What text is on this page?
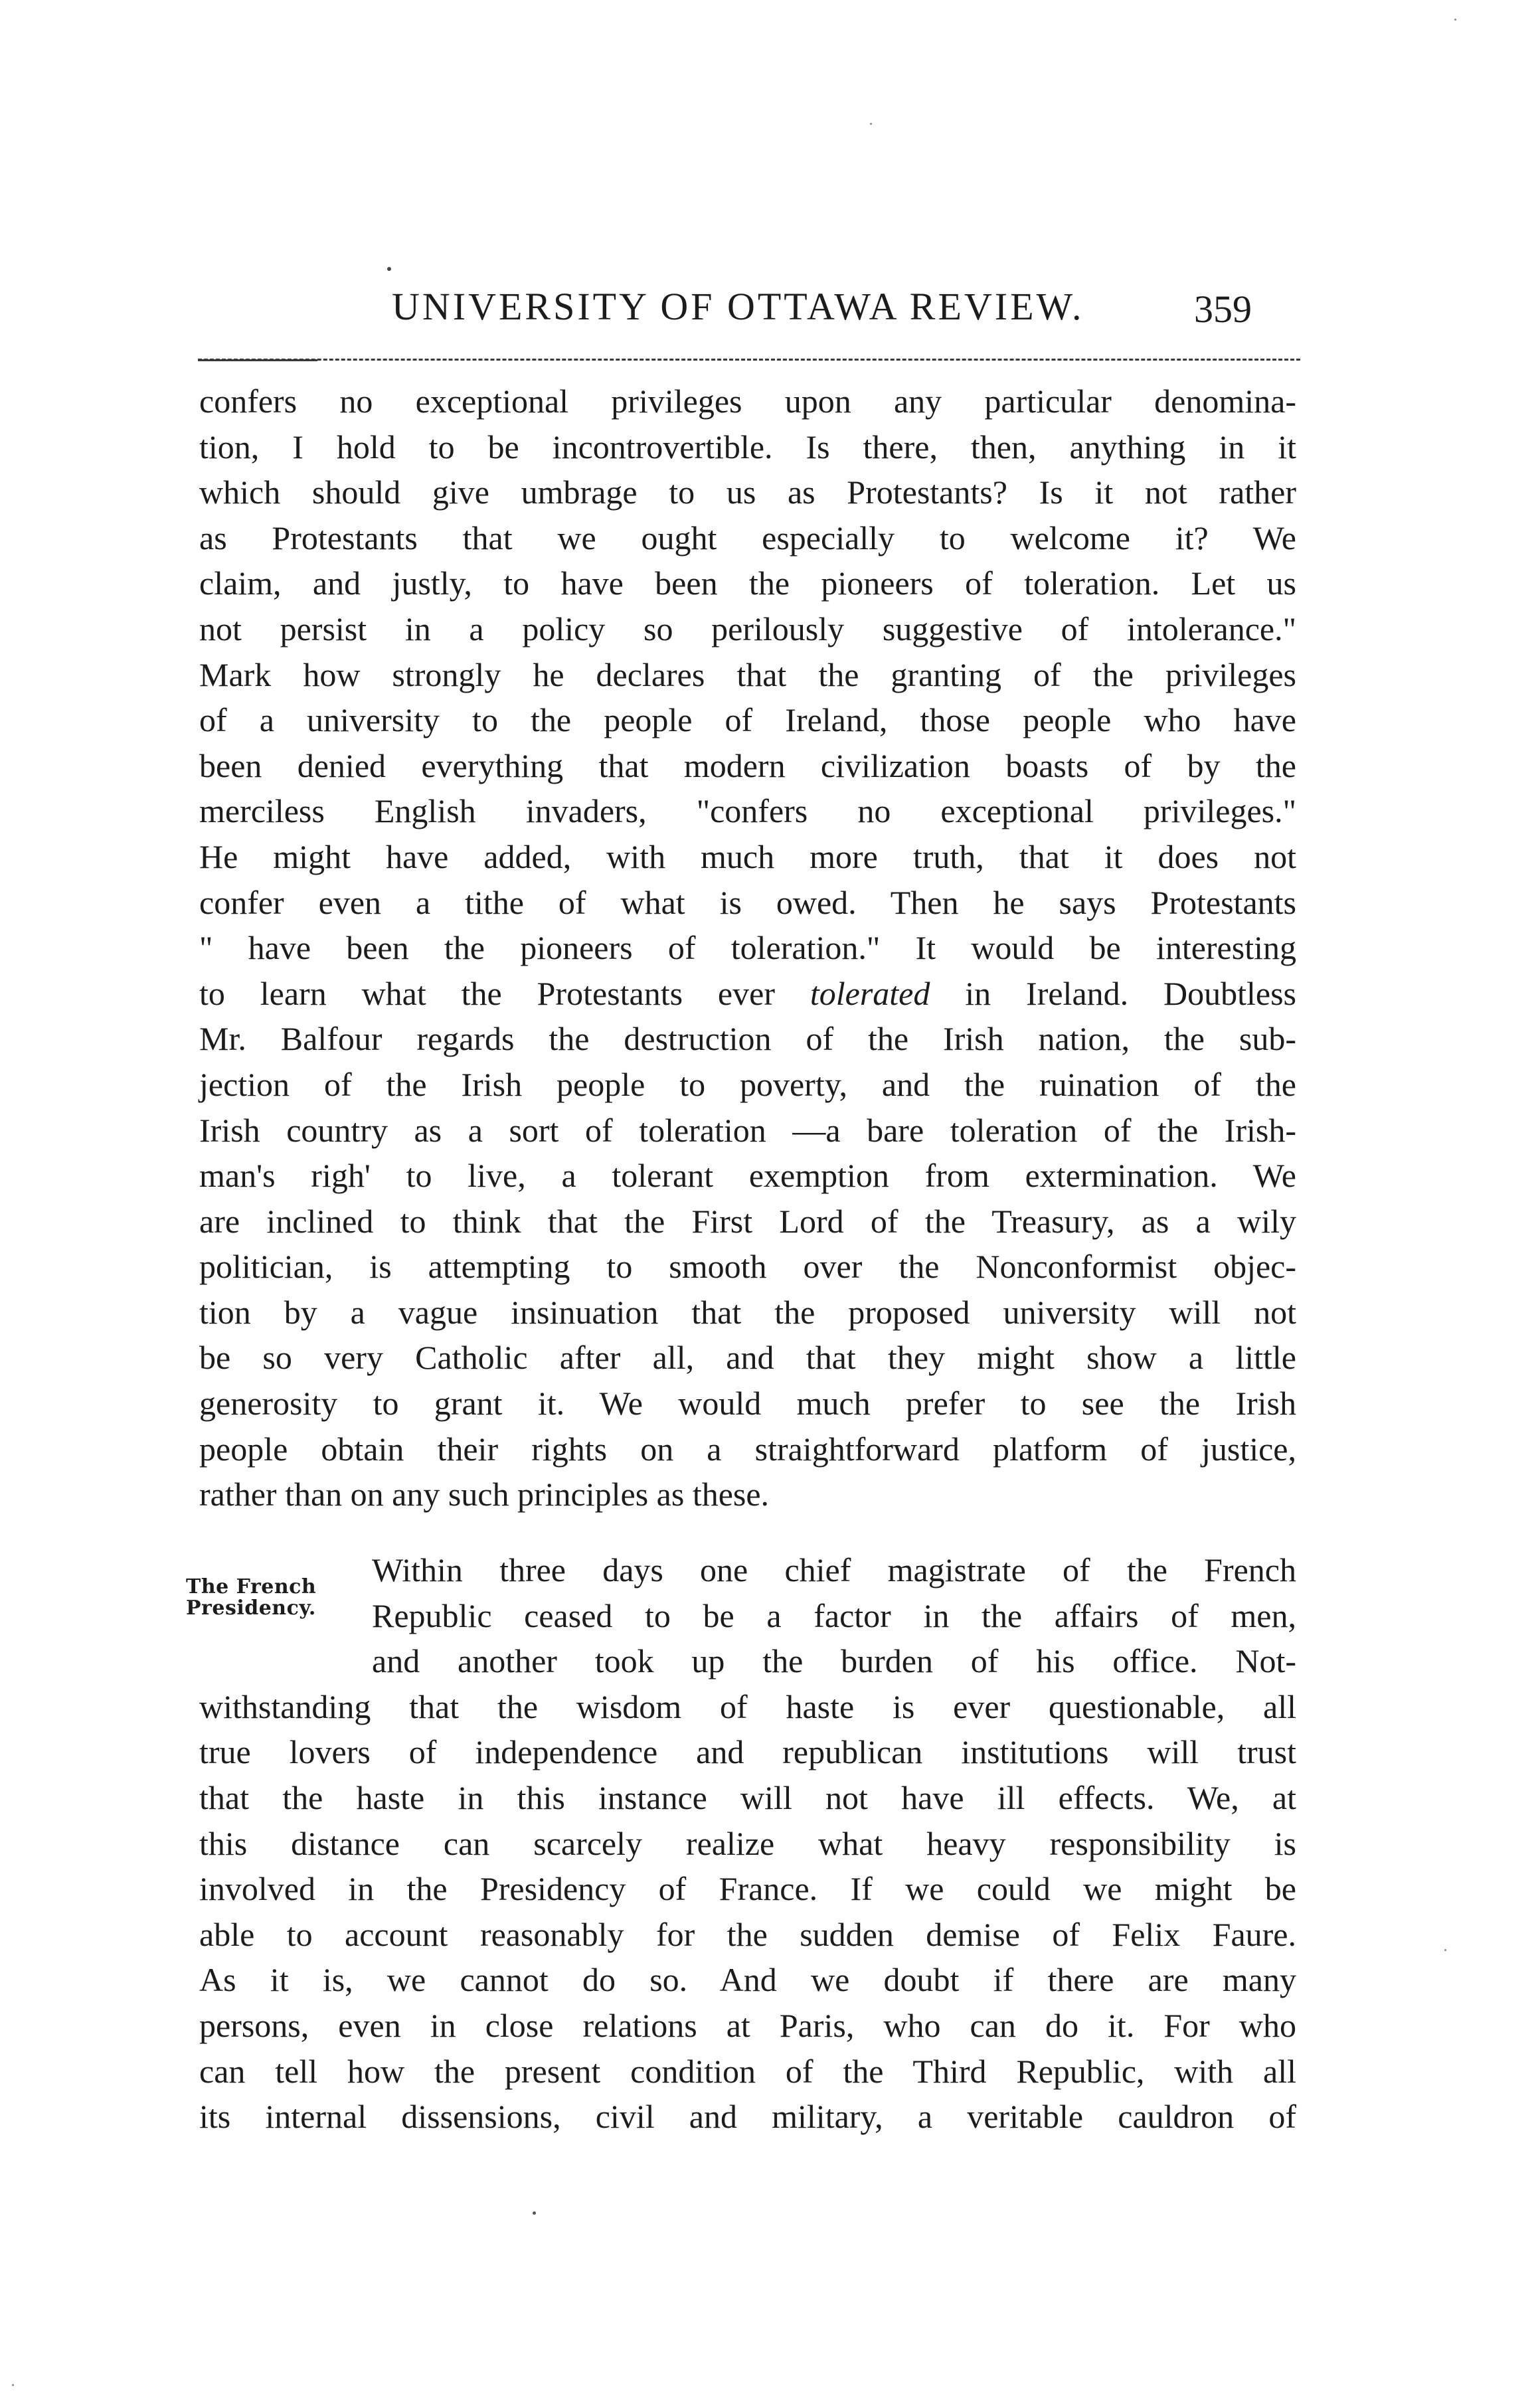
UNIVERSITY OF OTTAWA REVIEW.	359
confers no exceptional privileges upon any particular denomina-
tion, I hold to be incontrovertible. Is there, then, anything in it
which should give umbrage to us as Protestants? Is it not rather
as Protestants that we ought especially to welcome it? We
claim, and justly, to have been the pioneers of toleration. Let us
not persist in a policy so perilously suggestive of intolerance."
Mark how strongly he declares that the granting of the privileges
of a university to the people of Ireland, those people who have
been denied everything that modern civilization boasts of by the
merciless English invaders, "confers no exceptional privileges."
He might have added, with much more truth, that it does not
confer even a tithe of what is owed. Then he says Protestants
" have been the pioneers of toleration." It would be interesting
to learn what the Protestants ever tolerated in Ireland. Doubtless
Mr. Balfour regards the destruction of the Irish nation, the sub-
jection of the Irish people to poverty, and the ruination of the
Irish country as a sort of toleration —a bare toleration of the Irish-
man's righ' to live, a tolerant exemption from extermination. We
are inclined to think that the First Lord of the Treasury, as a wily
politician, is attempting to smooth over the Nonconformist objec-
tion by a vague insinuation that the proposed university will not
be so very Catholic after all, and that they might show a little
generosity to grant it. We would much prefer to see the Irish
people obtain their rights on a straightforward platform of justice,
rather than on any such principles as these.
The French
Presidency.
Within three days one chief magistrate of the French
Republic ceased to be a factor in the affairs of men,
and another took up the burden of his office. Not-
withstanding that the wisdom of haste is ever questionable, all
true lovers of independence and republican institutions will trust
that the haste in this instance will not have ill effects. We, at
this distance can scarcely realize what heavy responsibility is
involved in the Presidency of France. If we could we might be
able to account reasonably for the sudden demise of Felix Faure.
As it is, we cannot do so. And we doubt if there are many
persons, even in close relations at Paris, who can do it. For who
can tell how the present condition of the Third Republic, with all
its internal dissensions, civil and military, a veritable cauldron of
